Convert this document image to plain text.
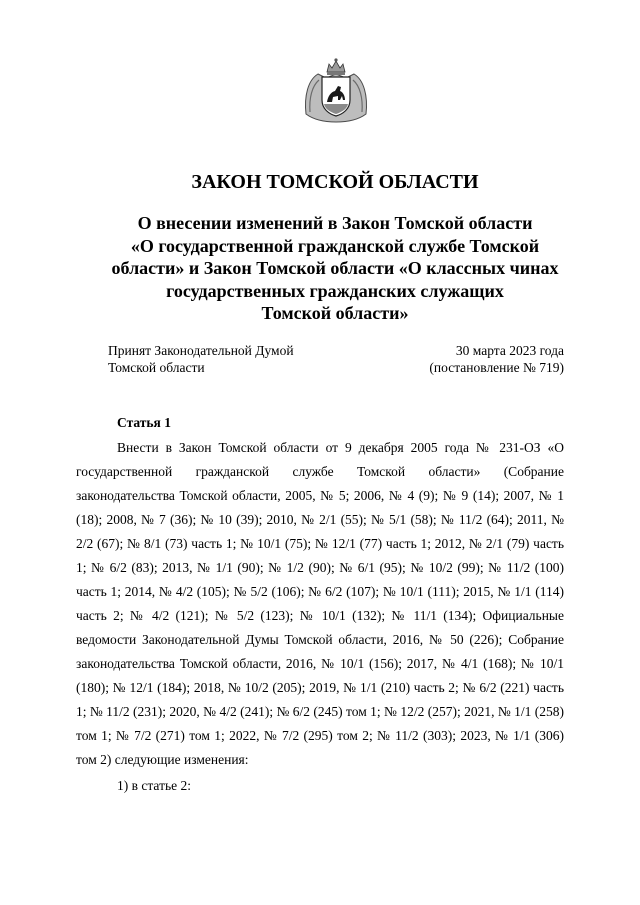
ЗАКОН ТОМСКОЙ ОБЛАСТИ
О внесении изменений в Закон Томской области
«О государственной гражданской службе Томской
области» и Закон Томской области «О классных чинах
государственных гражданских служащих
Томской области»
Принят Законодательной Думой
Томской области
30 марта 2023 года
(постановление № 719)
Статья 1

Внести в Закон Томской области от 9 декабря 2005 года № 231-ОЗ «О государственной гражданской службе Томской области» (Собрание законодательства Томской области, 2005, № 5; 2006, № 4 (9); № 9 (14); 2007, № 1 (18); 2008, № 7 (36); № 10 (39); 2010, № 2/1 (55); № 5/1 (58); № 11/2 (64); 2011, № 2/2 (67); № 8/1 (73) часть 1; № 10/1 (75); № 12/1 (77) часть 1; 2012, № 2/1 (79) часть 1; № 6/2 (83); 2013, № 1/1 (90); № 1/2 (90); № 6/1 (95); № 10/2 (99); № 11/2 (100) часть 1; 2014, № 4/2 (105); № 5/2 (106); № 6/2 (107); № 10/1 (111); 2015, № 1/1 (114) часть 2; № 4/2 (121); № 5/2 (123); № 10/1 (132); № 11/1 (134); Официальные ведомости Законодательной Думы Томской области, 2016, № 50 (226); Собрание законодательства Томской области, 2016, № 10/1 (156); 2017, № 4/1 (168); № 10/1 (180); № 12/1 (184); 2018, № 10/2 (205); 2019, № 1/1 (210) часть 2; № 6/2 (221) часть 1; № 11/2 (231); 2020, № 4/2 (241); № 6/2 (245) том 1; № 12/2 (257); 2021, № 1/1 (258) том 1; № 7/2 (271) том 1; 2022, № 7/2 (295) том 2; № 11/2 (303); 2023, № 1/1 (306) том 2) следующие изменения:

1) в статье 2:
